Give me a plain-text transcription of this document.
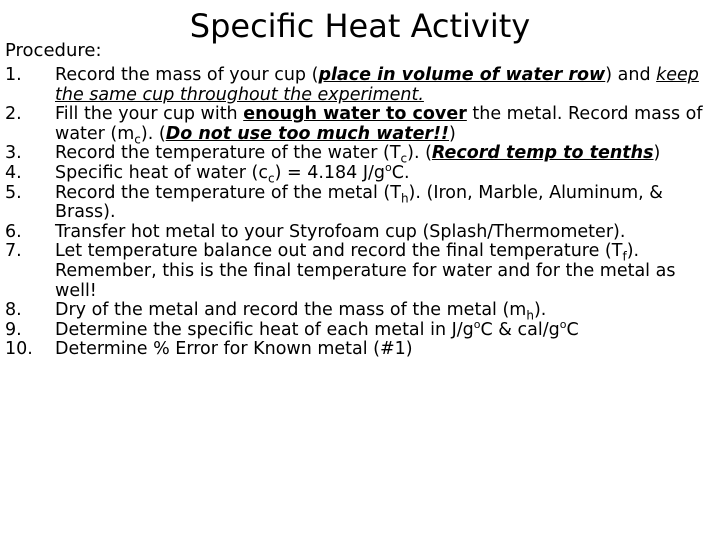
Specific Heat Activity
Procedure:
1. Record the mass of your cup (place in volume of water row) and keep the same cup throughout the experiment.
2. Fill the your cup with enough water to cover the metal. Record mass of water $(m_c)$. (Do not use too much water!!)
3. Record the temperature of the water $(T_c)$. (Record temp to tenths)
4. Specific heat of water $(c_c) = 4.184$ $J/g^oC$.
5. Record the temperature of the metal $(T_h)$. (Iron, Marble, Aluminum, & Brass).
6. Transfer hot metal to your Styrofoam cup (Splash/Thermometer).
7. Let temperature balance out and record the final temperature $(T_f)$. Remember, this is the final temperature for water and for the metal as well!
8. Dry of the metal and record the mass of the metal $(m_h)$.
9. Determine the specific heat of each metal in $J/g^oC$ & cal/$g^oC$
10. Determine % Error for Known metal (#1)
